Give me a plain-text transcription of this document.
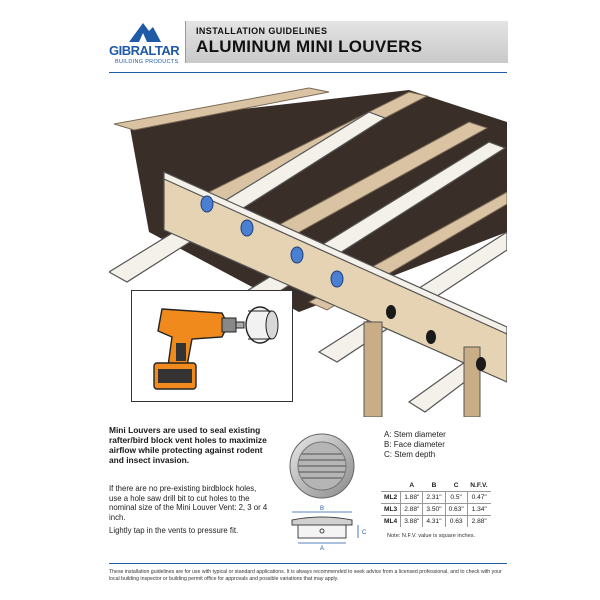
GIBRALTAR
BUILDING PRODUCTS
INSTALLATION GUIDELINES
ALUMINUM MINI LOUVERS
Mini Louvers are used to seal existing rafter/bird block vent holes to maximize airflow while protecting against rodent and insect invasion.
If there are no pre-existing birdblock holes, use a hole saw drill bit to cut holes to the nominal size of the Mini Louver Vent: 2, 3 or 4 inch.
Lightly tap in the vents to pressure fit.
B
A
C
A: Stem diameter
B: Face diameter
C: Stem depth
	A	B	C	N.F.V.
ML2	1.88"	2.31"	0.5"	0.47"
ML3	2.88"	3.50"	0.63"	1.34"
ML4	3.88"	4.31"	0.63	2.88"
Note: N.F.V. value is square inches.
These installation guidelines are for use with typical or standard applications. It is always recommended to seek advice from a licensed professional, and to check with your local building inspector or building permit office for approvals and possible variations that may apply.
